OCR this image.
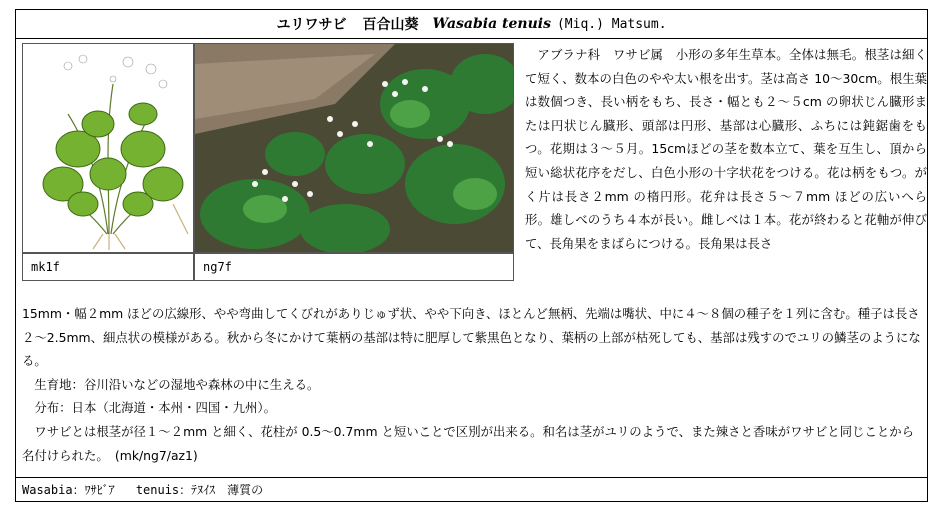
ユリワサビ 百合山葵 Wasabia tenuis (Miq.) Matsum.
mk1f	ng7f

アブラナ科　ワサビ属　小形の多年生草本。全体は無毛。根茎は細くて短く、数本の白色のやや太い根を出す。茎は高さ 10〜30cm。根生葉は数個つき、長い柄をもち、長さ・幅とも２〜５cm の卵状じん臓形または円状じん臓形、頭部は円形、基部は心臓形、ふちには鈍鋸歯をもつ。花期は３〜５月。15cmほどの茎を数本立て、葉を互生し、頂から短い総状花序をだし、白色小形の十字状花をつける。花は柄をもつ。がく片は長さ２mm の楕円形。花弁は長さ５〜７mm ほどの広いへら形。雄しべのうち４本が長い。雌しべは１本。花が終わると花軸が伸びて、長角果をまばらにつける。長角果は長さ

15mm・幅２mm ほどの広線形、やや弯曲してくびれがありじゅず状、やや下向き、ほとんど無柄、先端は嘴状、中に４〜８個の種子を１列に含む。種子は長さ２〜2.5mm、細点状の模様がある。秋から冬にかけて葉柄の基部は特に肥厚して紫黒色となり、葉柄の上部が枯死しても、基部は残すのでユリの鱗茎のようになる。

生育地：谷川沿いなどの湿地や森林の中に生える。

分布：日本（北海道・本州・四国・九州）。

ワサビとは根茎が径１〜２mm と細く、花柱が 0.5〜0.7mm と短いことで区別が出来る。和名は茎がユリのようで、また辣さと香味がワサビと同じことから名付けられた。　(mk/ng7/az1)

Wasabia：ﾜｻﾋﾞｱ tenuis：ﾃﾇｲｽ　薄質の
